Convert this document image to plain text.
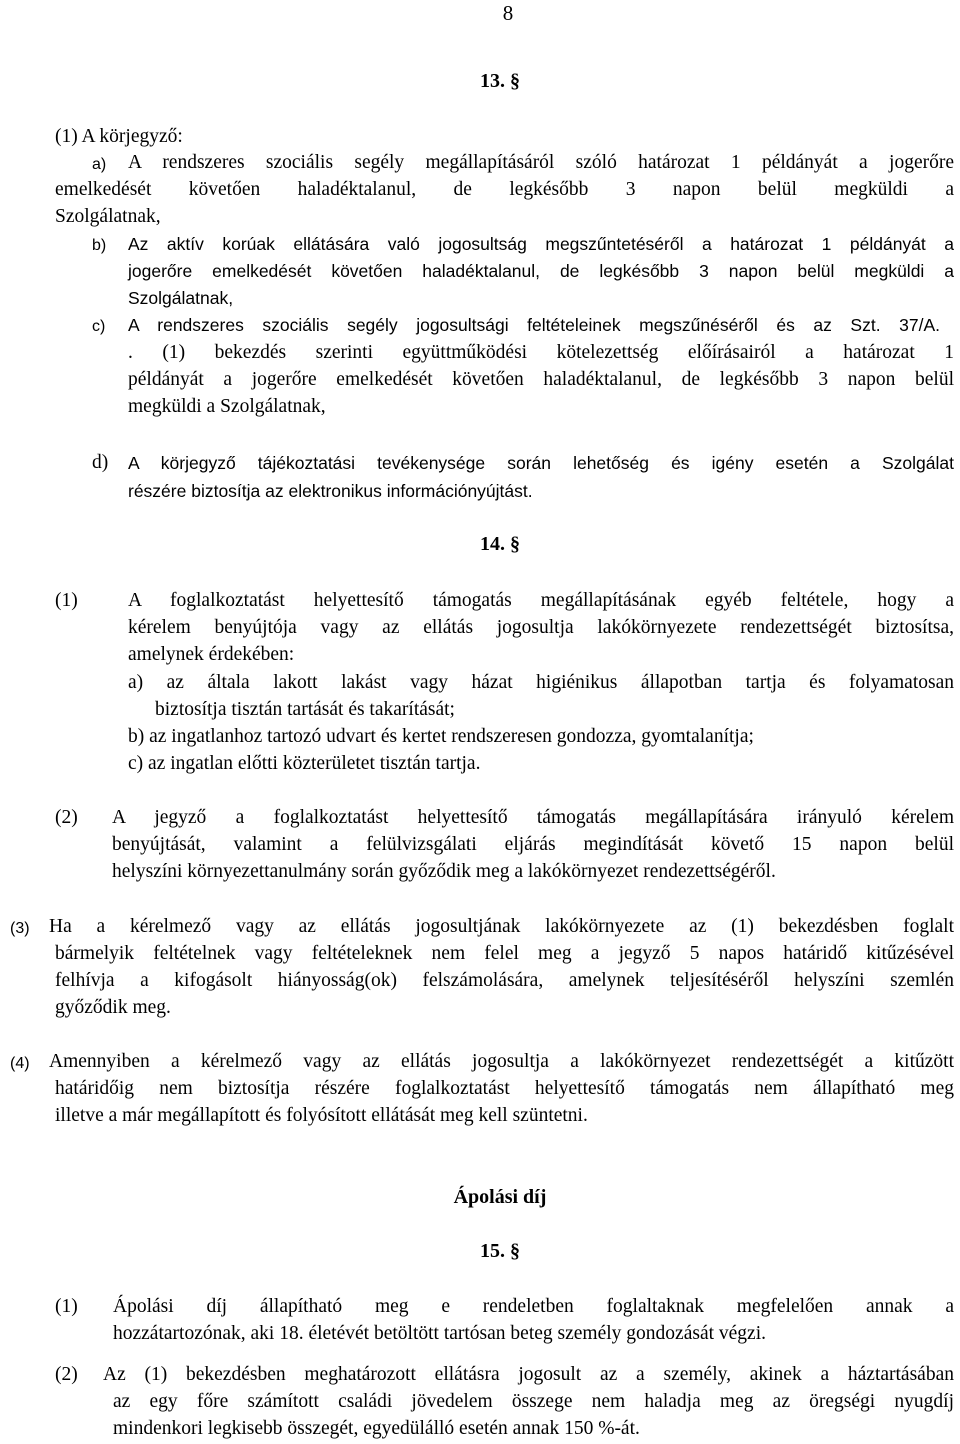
8
13. §
(1) A körjegyző:
a) A rendszeres szociális segély megállapításáról szóló határozat 1 példányát a jogerőre
emelkedését követően haladéktalanul, de legkésőbb 3 napon belül megküldi a
Szolgálatnak,
b) Az aktív korúak ellátására való jogosultság megszűntetéséről a határozat 1 példányát a
jogerőre emelkedését követően haladéktalanul, de legkésőbb 3 napon belül megküldi a
Szolgálatnak,
c) A rendszeres szociális segély jogosultsági feltételeinek megszűnéséről és az Szt. 37/A.
. (1) bekezdés szerinti együttműködési kötelezettség előírásairól a határozat 1
példányát a jogerőre emelkedését követően haladéktalanul, de legkésőbb 3 napon belül
megküldi a Szolgálatnak,
d) A körjegyző tájékoztatási tevékenysége során lehetőség és igény esetén a Szolgálat
részére biztosítja az elektronikus információnyújtást.
14. §
(1)	A foglalkoztatást helyettesítő támogatás megállapításának egyéb feltétele, hogy a
kérelem benyújtója vagy az ellátás jogosultja lakókörnyezete rendezettségét biztosítsa,
amelynek érdekében:
a) az általa lakott lakást vagy házat higiénikus állapotban tartja és folyamatosan
biztosítja tisztán tartását és takarítását;
b) az ingatlanhoz tartozó udvart és kertet rendszeresen gondozza, gyomtalanítja;
c) az ingatlan előtti közterületet tisztán tartja.
(2) A jegyző a foglalkoztatást helyettesítő támogatás megállapítására irányuló kérelem
benyújtását, valamint a felülvizsgálati eljárás megindítását követő 15 napon belül
helyszíni környezettanulmány során győződik meg a lakókörnyezet rendezettségéről.
(3) Ha a kérelmező vagy az ellátás jogosultjának lakókörnyezete az (1) bekezdésben foglalt
bármelyik feltételnek vagy feltételeknek nem felel meg a jegyző 5 napos határidő kitűzésével
felhívja a kifogásolt hiányosság(ok) felszámolására, amelynek teljesítéséről helyszíni szemlén
győződik meg.
(4) Amennyiben a kérelmező vagy az ellátás jogosultja a lakókörnyezet rendezettségét a kitűzött
határidőig nem biztosítja részére foglalkoztatást helyettesítő támogatás nem állapítható meg
illetve a már megállapított és folyósított ellátását meg kell szüntetni.
Ápolási díj
15. §
(1) Ápolási díj állapítható meg e rendeletben foglaltaknak megfelelően annak a
hozzátartozónak, aki 18. életévét betöltött tartósan beteg személy gondozását végzi.
(2) Az (1) bekezdésben meghatározott ellátásra jogosult az a személy, akinek a háztartásában
az egy főre számított családi jövedelem összege nem haladja meg az öregségi nyugdíj
mindenkori legkisebb összegét, egyedülálló esetén annak 150 %-át.
